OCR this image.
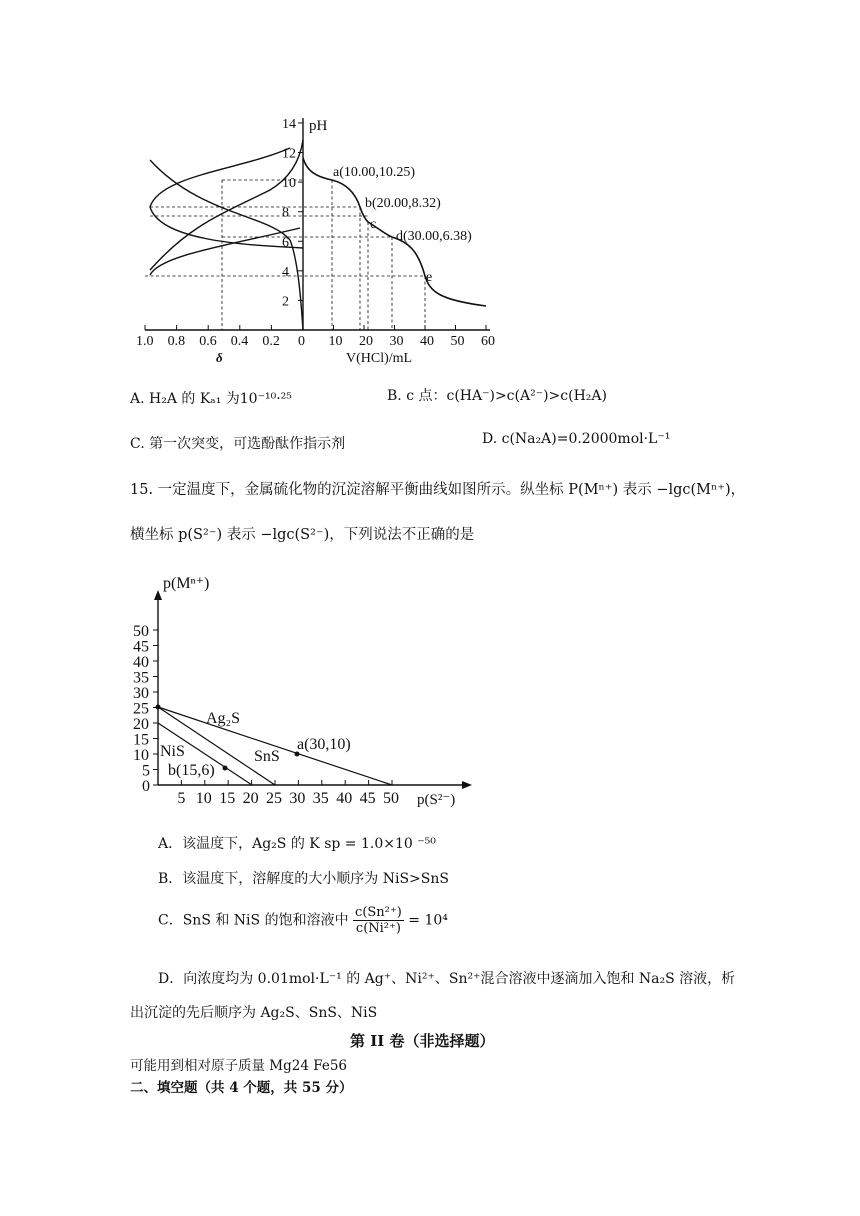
pH
V(HCl)/mL
δ
a(10.00,10.25)
b(20.00,8.32)
c
d(30.00,6.38)
e
14
12
10
8
6
4
2
0 10 20 30 40 50 60
1.0 0.8 0.6 0.4 0.2
A. H₂A 的 Kₐ₁ 为10⁻¹⁰·²⁵	B. c 点：c(HA⁻)>c(A²⁻)>c(H₂A)
C. 第一次突变，可选酚酞作指示剂	D. c(Na₂A)=0.2000mol·L⁻¹
15. 一定温度下，金属硫化物的沉淀溶解平衡曲线如图所示。纵坐标 P(Mⁿ⁺) 表示 −lgc(Mⁿ⁺)，
横坐标 p(S²⁻) 表示 −lgc(S²⁻)，下列说法不正确的是
50
45
40
35
30
25
20
15
10
5
0
5 10 15 20 25 30 35 40 45 50
p(Mⁿ⁺)
p(S²⁻)
Ag₂S
SnS
NiS	a(30,10)
b(15,6)
A．该温度下，Ag₂S 的 K sp = 1.0×10 ⁻⁵⁰
B．该温度下，溶解度的大小顺序为 NiS>SnS
C．SnS 和 NiS 的饱和溶液中 $\frac{\text{c(Sn²⁺)}}{\text{c(Ni²⁺)}} = 10^4$
D．向浓度均为 0.01mol·L⁻¹ 的 Ag⁺、Ni²⁺、Sn²⁺混合溶液中逐滴加入饱和 Na₂S 溶液，析
出沉淀的先后顺序为 Ag₂S、SnS、NiS
第 II 卷（非选择题）
可能用到相对原子质量 Mg24 Fe56
二、填空题（共 4 个题，共 55 分）
